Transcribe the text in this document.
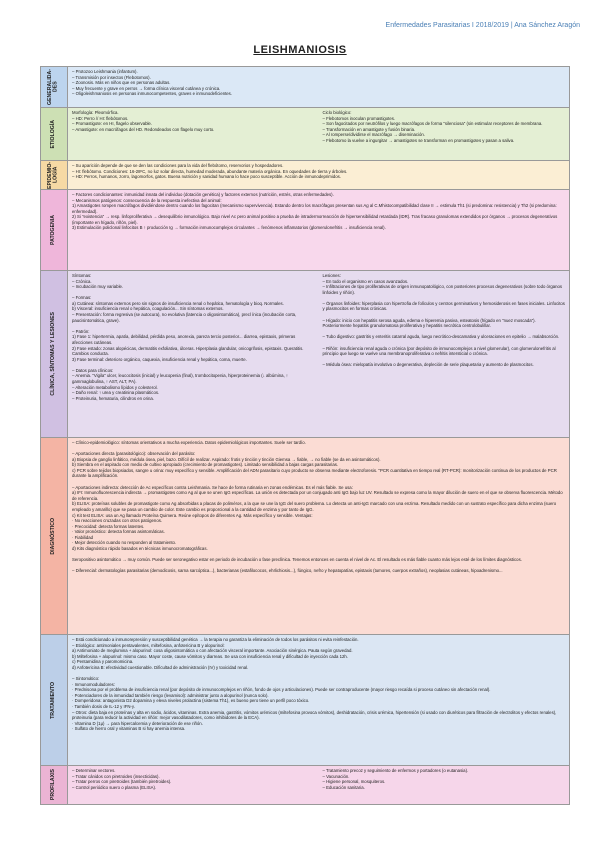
Enfermedades Parasitarias I 2018/2019 | Ana Sánchez Aragón
LEISHMANIOSIS
GENERALIDA-DES

– Protozoo Leishmania (infantum).

– Transmisión por insectos (Flebotomos).

– Zoonosis. Más en niños que en personas adultas.

– Muy frecuente y grave en perros → forma clínica visceral cutánea y crónica.

– Oligoleishmaniosis en personas inmunocompetentes, graves e inmunodeficientes.

ETIOLOGÍA

Morfología: Pleomórfica.

– HD: Perro // HI: flebótomos.

– Promastigote: en HI, flagelo observable.

– Amastigote: en macrófagos del HD. Redondeados con flagelo muy corto.

Ciclo biológico:

– Flebotomos inoculan promastigotes.

– Son fagocitados por neutrófilos y luego macrófagos de forma "silenciosa" (sin estimular receptores de membrana.

– Transformación en amastigote y fusión binaria.

– Al romperse/dividirse el macrófago → diseminación.

– Flebotomo la vuelve a ingurgitar → amastigotes se transforman en promastigotes y pasan a saliva.

EPIDEMIO-LOGÍA

– Su aparición depende de que se den las condiciones para la vida del flebótomo, reservorios y hospedadores.

– HI: flebótomo. Condiciones: 16-28ºC, no luz solar directa, humedad moderada, abundante materia orgánica. En oquedades de tierra y árboles.

– HD: Perros, humanos, zorro, lagomorfos, gatos. Buena nutrición y sanidad humana lo hace poco susceptible. Acción de inmunodeprimidos.

PATOGENIA

– Factores condicionantes: inmunidad innata del individuo (dotación genética) y factores externos (nutrición, estrés, otras enfermedades).

– Mecanismos patógenos: consecuencia de la respuesta inefectiva del animal:

1) Amastigotes rompen macrófagos dividiéndose dentro cuando los fagocitan (mecanismo supervivencia). Estando dentro los macrófagos presentan sus Ag al C.Mhistocompatibilidad clase II → estimula Th1 (si predomina: resistencia) y Th2 (si predomina: enfermedad).

2) Si "existencia" → resp. linfoproliferativa → desequilibrio inmunológico. Bajo nivel Ac pero animal positivo a prueba de intradermorreacción de hipersensibilidad retardada (IDR). Tras fracaso granulomas extendidos por órganos → procesos degenerativos (importante en hígado, riñón, piel).

3) Estimulación policlonal linfocitos B ↑ producción Ig → formación inmunocomplejos circulantes → fenómenos inflamatorios (glomerulonefritis → insuficiencia renal).

CLÍNICA, SÍNTOMAS Y LESIONES

Síntomas:

– Crónica.

– Incubación muy variable.

– Formas:

a) Cutánea: síntomas externos pero sin signos de insuficiencia renal o hepática, hematología y bioq. Normales.

b) Visceral: insuficiencia renal o hepática, coagulación... Sin síntomas externos.

– Presentación: forma regresiva (se autocura), no evolutiva (latencia o oligosintomática), precl ínica (incubación corta, paucisintomática, grave).

– Patrón:

1) Fase 1: hipertermia, apatía, debilidad, pérdida peso, anorexia, pareza tercio posterior... diarrea, epistaxis, primeras afecciones cutáneas.

2) Fase estado: zonas alopécicas, dermatitis exfoliativa, úlceras. Hiperplasia glandular, onicogrifosis, epistaxis. Queratitis. Cambios conducta.

3) Fase terminal: deterioro orgánico, caquexia, insuficiencia renal y hepática, coma, muerte.

– Datos para clínicos:

– Anemia. "Vigila" ulcer, leucocitosis (inicial) y leucopenia (final), trombocitopenia, hiperproteinemia (↓ albúmina, ↑ gammaglobulina, ↑ AST, ALT, PA).

– Alteración metabolismo lípidos y colesterol.

– Daño renal: ↑ urea y creatinina plasmáticos.

– Proteinuria, hematuria, cilindros en orina.

Lesiones:

– En todo el organismo en casos avanzados.

– Infiltraciones de tipo proliferativas de origen inmunopatológico, con posteriores procesos degenerativos (sobre todo órganos linfoides y riñón).

– Órganos linfoides: hiperplasia con hipertrofia de folículos y centros germinativos y hemosiderosis en fases iniciales. Linfocitos y plasmocitos en formas crónicas.

– Hígado: inicio con hepatitis serosa aguda, edema e hiperemia pasiva, esteatosis (hígado en "nuez moscada"). Posteriormente hepatitis granulomatosa proliferativa y hepatitis necrótica centrolobulillar.

– Tubo digestivo: gastritis y enteritis catarral aguda, luego necrótico-descamativa y ulceraciones en epitelio → malabsorción.

– Riñón: insuficiencia renal aguda o crónica (por depósito de inmunocomplejos a nivel glomerular), con glomerulonefritis al principio que luego se vuelve una membranoproliferativa o nefritis intersticial o crónica.

– Médula ósea: mielopatía involutiva o degenerativa, depleción de serie plaquetaria y aumento de plasmocitos.

DIAGNÓSTICO

– Clínico-epidemiológico: síntomas orientativos a mucha experiencia. Datos epidemiológicos importantes. Suele ser tardío.

– Aportaciones directa (parasitológico): observación del parásito:

a) Biopsia de ganglio linfático, médula ósea, piel, bazo. Difícil de realizar. Aspirado: frotis y tinción y tinción Giemsa → fiable, → no fiable (se da en asintomáticos).

b) Siembra en el aspirado con medio de cultivo apropiado (crecimiento de promastigotes). Limitado sensibilidad a bajas cargas parasitarias.

c) PCR sobre tejidos biopsiados, sangre u orina: muy específico y sensible. Amplificación del ADN parasitario cuyo producto se observa mediante electroforesis. "PCR cuantitativa en tiempo real (RT-PCR): monitorización continua de los productos de PCR durante la amplificación.

– Aportaciones indirecta: detección de Ac específicos contra Leishmania. Se hace de forma rutinaria en zonas endémicas. Es el más fiable. Se usa:

a) IFI: Inmunofluorescencia indirecta → promastigotes como Ag al que se unen IgG específicas. La unión es detectada por un conjugado anti IgG bajo luz UV. Resultado se expresa como la mayor dilución de suero en el que se observa fluorescencia. Método de referencia.

b) ELISA: proteínas solubles de promastigote como Ag absorbidas a placas de poliméros, a la que se une la IgG del suero problema. Lo detecta un anti-IgG marcado con una enzima. Resultado medido con un sustrato específico para dicha enzima (suero empleado y amarillo) que se pasa un cambio de color. Este cambio es proporcional a la cantidad de enzima y por tanto de IgG.

c) Kit test ELISA: usa un Ag llamado Proteína Quimera. Reúne epítopos de diferentes Ag. Más específico y sensible. Ventajas:

· No reacciones cruzadas con otros patógenos.

· Precocidad: detecta formas latentes.

· Valor pronóstico: detecta formas asintomáticas.

· Fiabilidad

· Mejor detección cuando no responden al tratamiento.

d) Kits diagnóstico rápido basados en técnicas inmunocromatográficas.

Seropositivo asintomático → muy común. Puede ser seronegativo estar en periodo de incubación o fase preclínica. Tenemos entonces en cuenta el nivel de Ac. El resultado es más fiable cuanto más lejos esté de los límites diagnósticos.

– Diferencial: dermatologías parasitarias (demodicosis, sarna sarcóptica...), bacterianas (estafilococos, ehrlichiosis...), fúngico, nefro y hepatopatías, epistaxis (tumores, cuerpos extraños), neoplasias cutáneas, hipoadrenismo...

TRATAMIENTO

– Está condicionado a inmunorepresión y susceptibilidad genética → la terapia no garantiza la eliminación de todos los parásitos ni evita reinfestación.

– Etiológico: antimoniales pentavalentes, miltefosina, anfotericina B y alopurinol:

a) Antimoniato de meglumina + alopurinol: cosa oligosintomática o con afectación visceral importante. Asociación sinérgica. Pauta según gravedad.

b) Miltefosina + alopurinol: mismo caso. Mayor coste, cause vómitos y diarreas. Se usa con insuficiencia renal y dificultad de inyección cada 12h.

c) Pentamidina y paromomicina.

d) Anfotericina B: efectividad cuestionable. Dificultad de administración (IV) y toxicidad renal.

– Sintomático:

· Inmunomoduladores:

· Prednisona por el problema de insuficiencia renal (por depósito de inmunocomplejos en riñón, fondo de ojos y articulaciones). Puede ser contraproducente (mayor riesgo recaída si proceso cutáneo sin afectación renal).

· Potenciadores de la inmunidad también riesgo (levamisol): administrar junto a alopurinol (nunca solo).

· Domperidona: antagonista D2 dopamina y eleva niveles prolactina (sistema Th1), es bueno pero tiene un perfil poco tóxico.

· También dosis de IL-12 y IFN-γ.

– Otros: dieta baja en proteínas y alta en sodio, ácidos, vitaminas. Extra anemia, gastritis, vómitos urémicos (miltefosina provoca vómitos), deshidratación, crisis urémica, hipertensión (si usado con diuréticos para filtración de electrolitos y efectos renales), proteinuria (para reducir la actividad en riñón: mejor vasodilatadores, como inhibidores de la ECA).

· Vitamina D (1μ) → para hipercalcemia y deterioración de ese riñón.

· Sulfato de hierro oral y vitaminas B si hay anemia intensa.

PROFILAXIS	– Determinar vectores.

– Tratar cánidos con piretroides (insecticidas).

– Tratar perros con piretroides (también piretroides).

– Control periódico suero o plasma (ELISA).

– Tratamiento precoz y seguimiento de enfermos y portadores (o eutanasia).

– Vacunación.

– Higiene personal, mosquiteros.

– Educación sanitaria.
